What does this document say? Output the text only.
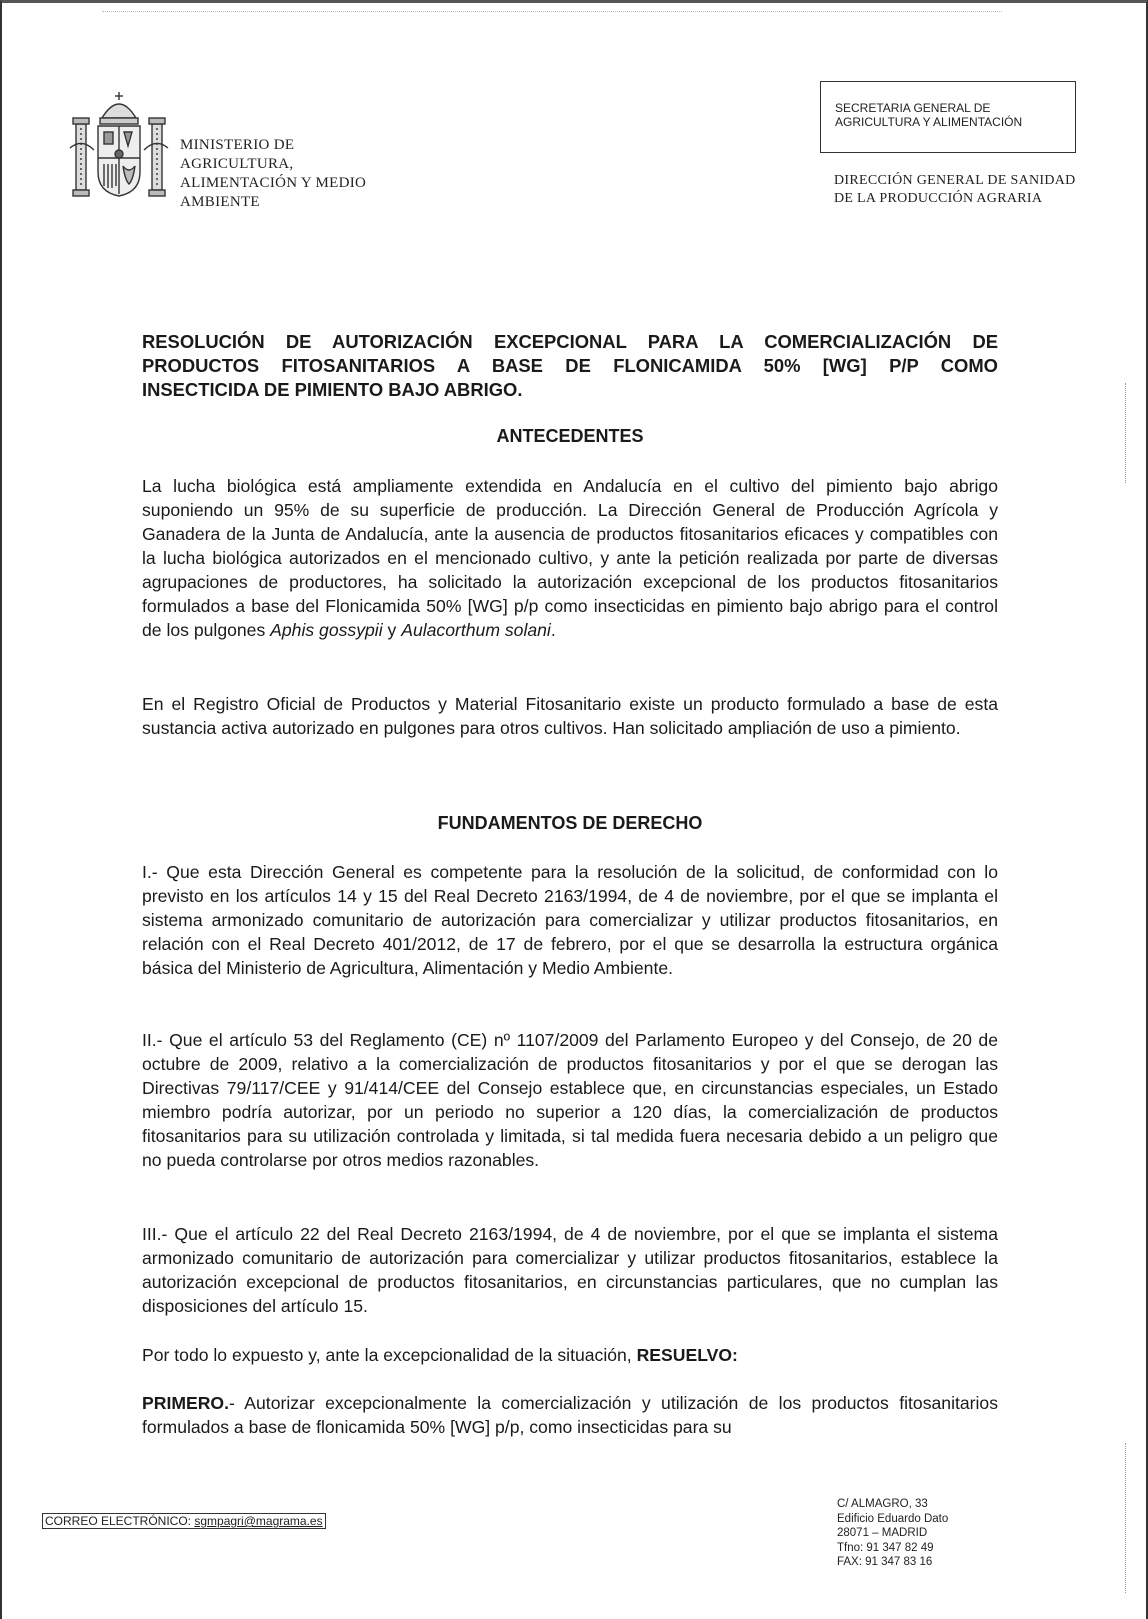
MINISTERIO DE
AGRICULTURA,
ALIMENTACIÓN Y MEDIO
AMBIENTE
SECRETARIA GENERAL DE
AGRICULTURA Y ALIMENTACIÓN
DIRECCIÓN GENERAL DE SANIDAD
DE LA PRODUCCIÓN AGRARIA
RESOLUCIÓN DE AUTORIZACIÓN EXCEPCIONAL PARA LA COMERCIALIZACIÓN DE
PRODUCTOS FITOSANITARIOS A BASE DE FLONICAMIDA 50% [WG] P/P COMO
INSECTICIDA DE PIMIENTO BAJO ABRIGO.
ANTECEDENTES

La lucha biológica está ampliamente extendida en Andalucía en el cultivo del pimiento bajo abrigo suponiendo un 95% de su superficie de producción. La Dirección General de Producción Agrícola y Ganadera de la Junta de Andalucía, ante la ausencia de productos fitosanitarios eficaces y compatibles con la lucha biológica autorizados en el mencionado cultivo, y ante la petición realizada por parte de diversas agrupaciones de productores, ha solicitado la autorización excepcional de los productos fitosanitarios formulados a base del Flonicamida 50% [WG] p/p como insecticidas en pimiento bajo abrigo para el control de los pulgones Aphis gossypii y Aulacorthum solani.

En el Registro Oficial de Productos y Material Fitosanitario existe un producto formulado a base de esta sustancia activa autorizado en pulgones para otros cultivos. Han solicitado ampliación de uso a pimiento.

FUNDAMENTOS DE DERECHO

I.- Que esta Dirección General es competente para la resolución de la solicitud, de conformidad con lo previsto en los artículos 14 y 15 del Real Decreto 2163/1994, de 4 de noviembre, por el que se implanta el sistema armonizado comunitario de autorización para comercializar y utilizar productos fitosanitarios, en relación con el Real Decreto 401/2012, de 17 de febrero, por el que se desarrolla la estructura orgánica básica del Ministerio de Agricultura, Alimentación y Medio Ambiente.

II.- Que el artículo 53 del Reglamento (CE) nº 1107/2009 del Parlamento Europeo y del Consejo, de 20 de octubre de 2009, relativo a la comercialización de productos fitosanitarios y por el que se derogan las Directivas 79/117/CEE y 91/414/CEE del Consejo establece que, en circunstancias especiales, un Estado miembro podría autorizar, por un periodo no superior a 120 días, la comercialización de productos fitosanitarios para su utilización controlada y limitada, si tal medida fuera necesaria debido a un peligro que no pueda controlarse por otros medios razonables.

III.- Que el artículo 22 del Real Decreto 2163/1994, de 4 de noviembre, por el que se implanta el sistema armonizado comunitario de autorización para comercializar y utilizar productos fitosanitarios, establece la autorización excepcional de productos fitosanitarios, en circunstancias particulares, que no cumplan las disposiciones del artículo 15.

Por todo lo expuesto y, ante la excepcionalidad de la situación, RESUELVO:

PRIMERO.- Autorizar excepcionalmente la comercialización y utilización de los productos fitosanitarios formulados a base de flonicamida 50% [WG] p/p, como insecticidas para su

CORREO ELECTRÓNICO: sgmpagri@magrama.es
C/ ALMAGRO, 33
Edificio Eduardo Dato
28071 – MADRID
Tfno: 91 347 82 49
FAX: 91 347 83 16
